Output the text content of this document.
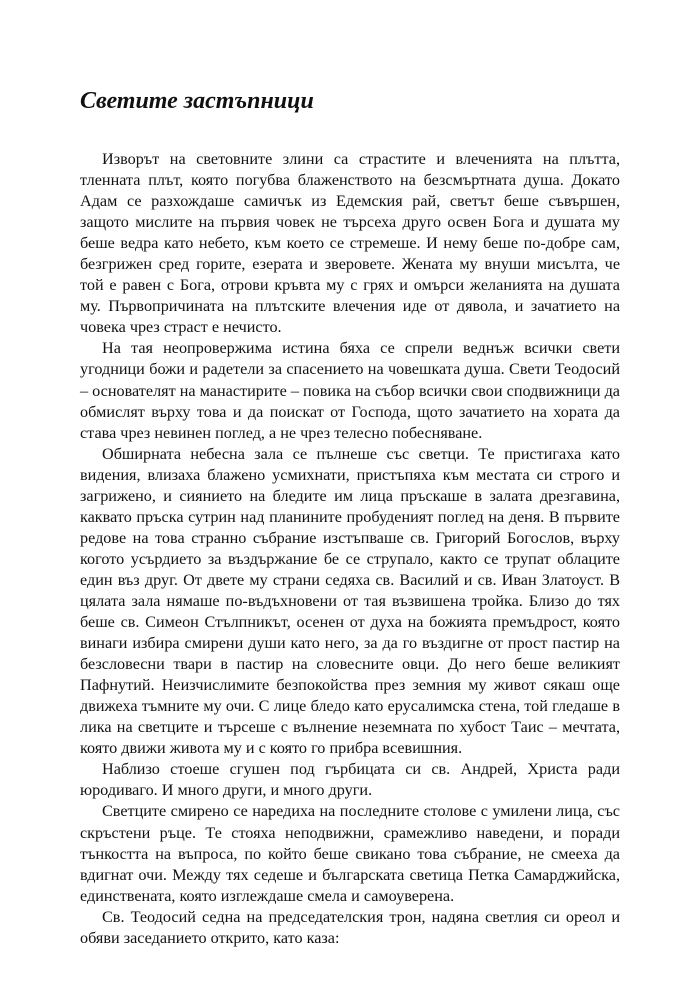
Светите застъпници

Изворът на световните злини са страстите и влеченията на плътта, тленната плът, която погубва блаженството на безсмъртната душа. Докато Адам се разхождаше самичък из Едемския рай, светът беше съвършен, защото мислите на първия човек не търсеха друго освен Бога и душата му беше ведра като небето, към което се стремеше. И нему беше по-добре сам, безгрижен сред горите, езерата и зверовете. Жената му внуши мисълта, че той е равен с Бога, отрови кръвта му с грях и омърси желанията на душата му. Първопричината на плътските влечения иде от дявола, и зачатието на човека чрез страст е нечисто.

На тая неопровержима истина бяха се спрели веднъж всички свети угодници божи и радетели за спасението на човешката душа. Свети Теодосий – основателят на манастирите – повика на събор всички свои сподвижници да обмислят върху това и да поискат от Господа, щото зачатието на хората да става чрез невинен поглед, а не чрез телесно побесняване.

Обширната небесна зала се пълнеше със светци. Те пристигаха като видения, влизаха блажено усмихнати, пристъпяха към местата си строго и загрижено, и сиянието на бледите им лица пръскаше в залата дрезгавина, каквато пръска сутрин над планините пробуденият поглед на деня. В първите редове на това странно събрание изстъпваше св. Григорий Богослов, върху когото усърдието за въздържание бе се струпало, както се трупат облаците един въз друг. От двете му страни седяха св. Василий и св. Иван Златоуст. В цялата зала нямаше по-въдъхновени от тая възвишена тройка. Близо до тях беше св. Симеон Стълпникът, осенен от духа на божията премъдрост, която винаги избира смирени души като него, за да го въздигне от прост пастир на безсловесни твари в пастир на словесните овци. До него беше великият Пафнутий. Неизчислимите безпокойства през земния му живот сякаш още движеха тъмните му очи. С лице бледо като ерусалимска стена, той гледаше в лика на светците и търсеше с вълнение неземната по хубост Таис – мечтата, която движи живота му и с която го прибра всевишния.

Наблизо стоеше сгушен под гърбицата си св. Андрей, Христа ради юродиваго. И много други, и много други.

Светците смирено се наредиха на последните столове с умилени лица, със скръстени ръце. Те стояха неподвижни, срамежливо наведени, и поради тънкостта на въпроса, по който беше свикано това събрание, не смееха да вдигнат очи. Между тях седеше и българската светица Петка Самарджийска, единствената, която изглеждаше смела и самоуверена.

Св. Теодосий седна на председателския трон, надяна светлия си ореол и обяви заседанието открито, като каза:
